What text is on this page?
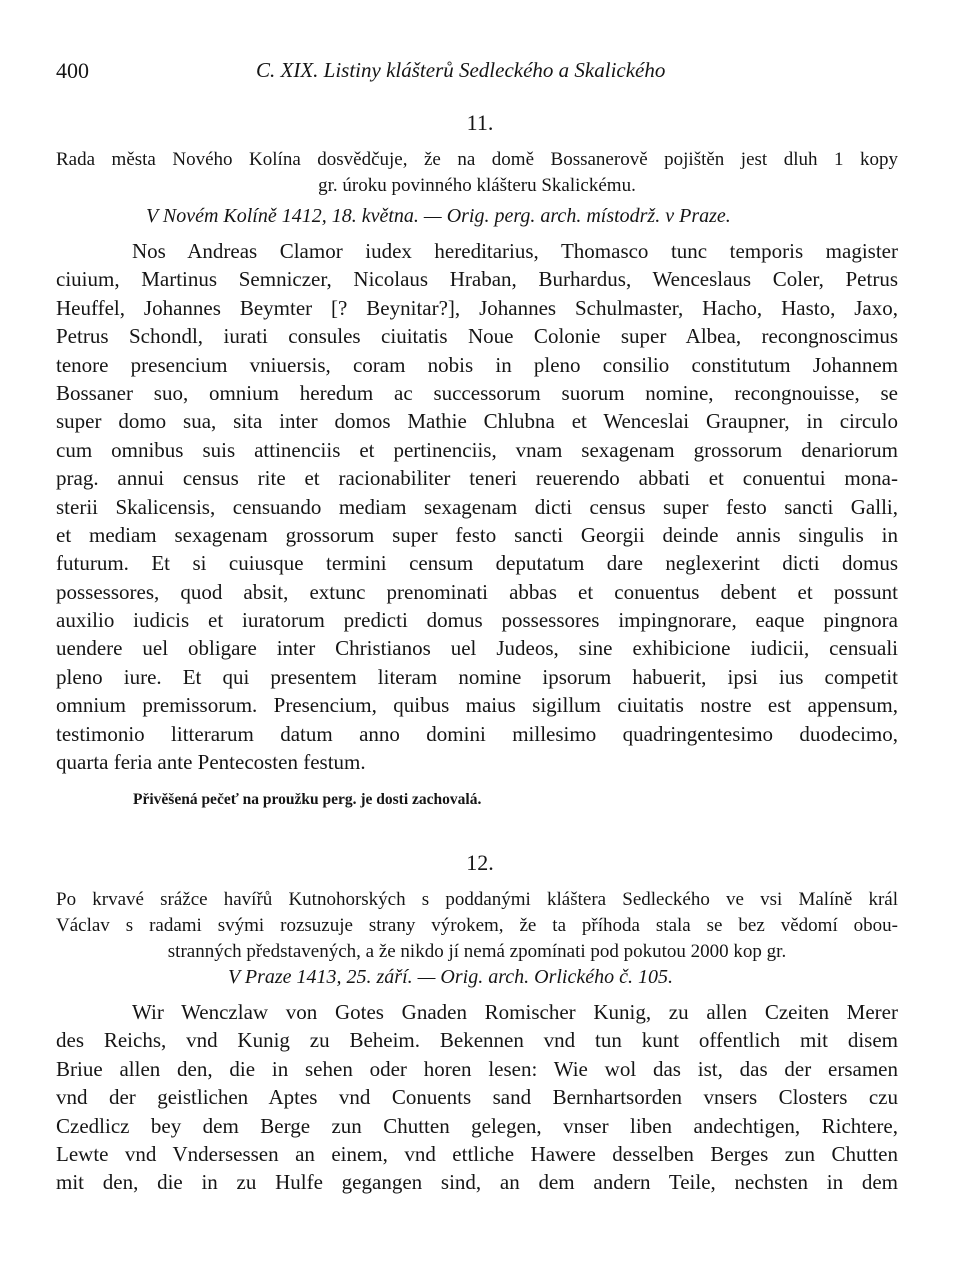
400	C. XIX. Listiny klášterů Sedleckého a Skalického
11.
Rada města Nového Kolína dosvědčuje, že na domě Bossanerově pojištěn jest dluh 1 kopy
gr. úroku povinného klášteru Skalickému.
V Novém Kolíně 1412, 18. května. — Orig. perg. arch. místodrž. v Praze.
Nos Andreas Clamor iudex hereditarius, Thomasco tunc temporis magister
ciuium, Martinus Semniczer, Nicolaus Hraban, Burhardus, Wenceslaus Coler, Petrus
Heuffel, Johannes Beymter [? Beynitar?], Johannes Schulmaster, Hacho, Hasto, Jaxo,
Petrus Schondl, iurati consules ciuitatis Noue Colonie super Albea, recongnoscimus
tenore presencium vniuersis, coram nobis in pleno consilio constitutum Johannem
Bossaner suo, omnium heredum ac successorum suorum nomine, recongnouisse, se
super domo sua, sita inter domos Mathie Chlubna et Wenceslai Graupner, in circulo
cum omnibus suis attinenciis et pertinenciis, vnam sexagenam grossorum denariorum
prag. annui census rite et racionabiliter teneri reuerendo abbati et conuentui mona-
sterii Skalicensis, censuando mediam sexagenam dicti census super festo sancti Galli,
et mediam sexagenam grossorum super festo sancti Georgii deinde annis singulis in
futurum. Et si cuiusque termini censum deputatum dare neglexerint dicti domus
possessores, quod absit, extunc prenominati abbas et conuentus debent et possunt
auxilio iudicis et iuratorum predicti domus possessores impingnorare, eaque pingnora
uendere uel obligare inter Christianos uel Judeos, sine exhibicione iudicii, censuali
pleno iure. Et qui presentem literam nomine ipsorum habuerit, ipsi ius competit
omnium premissorum. Presencium, quibus maius sigillum ciuitatis nostre est appensum,
testimonio litterarum datum anno domini millesimo quadringentesimo duodecimo,
quarta feria ante Pentecosten festum.
Přivěšená pečeť na proužku perg. je dosti zachovalá.
12.
Po krvavé srážce havířů Kutnohorských s poddanými kláštera Sedleckého ve vsi Malíně král
Václav s radami svými rozsuzuje strany výrokem, že ta příhoda stala se bez vědomí obou-
stranných představených, a že nikdo jí nemá zpomínati pod pokutou 2000 kop gr.
V Praze 1413, 25. září. — Orig. arch. Orlického č. 105.
Wir Wenczlaw von Gotes Gnaden Romischer Kunig, zu allen Czeiten Merer
des Reichs, vnd Kunig zu Beheim. Bekennen vnd tun kunt offentlich mit disem
Briue allen den, die in sehen oder horen lesen: Wie wol das ist, das der ersamen
vnd der geistlichen Aptes vnd Conuents sand Bernhartsorden vnsers Closters czu
Czedlicz bey dem Berge zun Chutten gelegen, vnser liben andechtigen, Richtere,
Lewte vnd Vndersessen an einem, vnd ettliche Hawere desselben Berges zun Chutten
mit den, die in zu Hulfe gegangen sind, an dem andern Teile, nechsten in dem
